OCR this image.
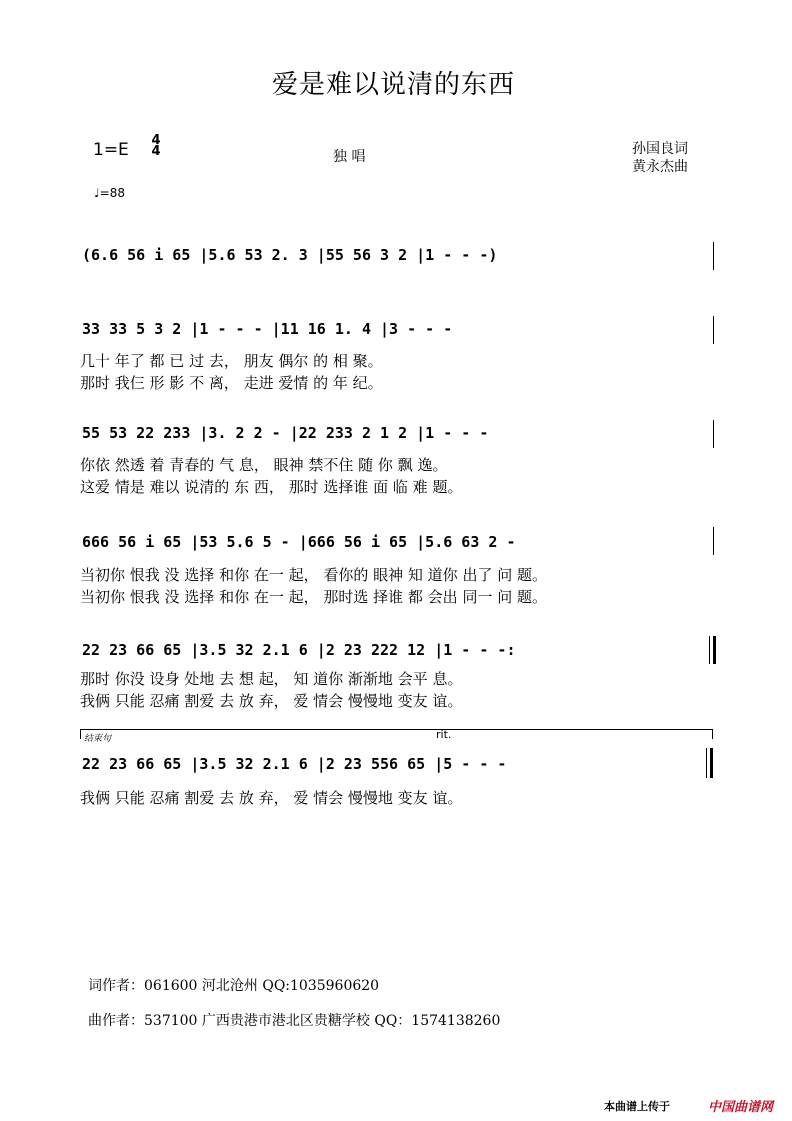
爱是难以说清的东西
1=E 4
4	独 唱	孙国良词
黄永杰曲
♩=88
(6.6 56 i 65 |5.6 53 2. 3 |55 56 3 2 |1 - - -)
33 33 5 3 2 |1 - - - |11 16 1. 4 |3 - - -
几十 年了 都 已 过 去， 朋友 偶尔 的 相 聚。
那时 我仨 形 影 不 离， 走进 爱情 的 年 纪。
55 53 22 233 |3. 2 2 - |22 233 2 1 2 |1 - - -
你依 然透 着 青春的 气 息， 眼神 禁不住 随 你 飘 逸。
这爱 情是 难以 说清的 东 西， 那时 选择谁 面 临 难 题。
666 56 i 65 |53 5.6 5 - |666 56 i 65 |5.6 63 2 -
当初你 恨我 没 选择 和你 在一 起， 看你的 眼神 知 道你 出了 问 题。
当初你 恨我 没 选择 和你 在一 起， 那时选 择谁 都 会出 同一 问 题。
22 23 66 65 |3.5 32 2.1 6 |2 23 222 12 |1 - - -:
那时 你没 设身 处地 去 想 起， 知 道你 渐渐地 会平 息。
我俩 只能 忍痛 割爱 去 放 弃， 爱 情会 慢慢地 变友 谊。
结束句	rit.
22 23 66 65 |3.5 32 2.1 6 |2 23 556 65 |5 - - -
我俩 只能 忍痛 割爱 去 放 弃， 爱 情会 慢慢地 变友 谊。
词作者：061600 河北沧州 QQ:1035960620
曲作者：537100 广西贵港市港北区贵糖学校 QQ：1574138260
本曲谱上传于	中国曲谱网
